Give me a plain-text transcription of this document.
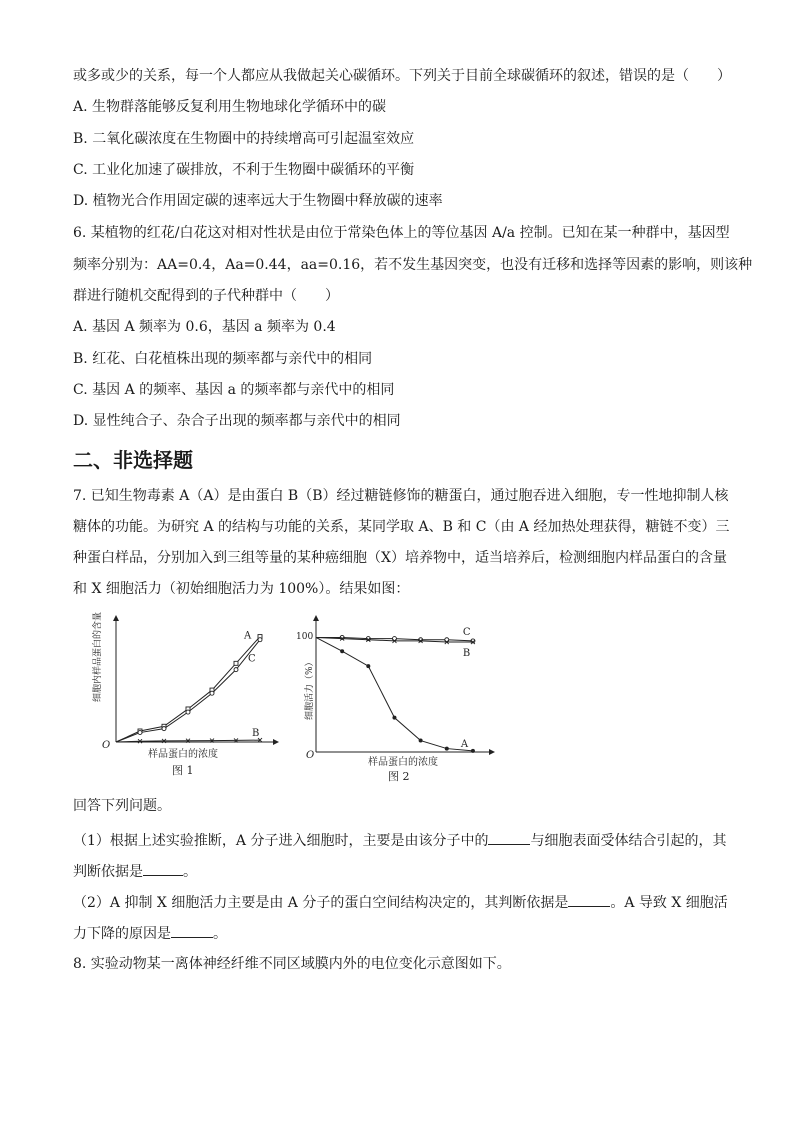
或多或少的关系，每一个人都应从我做起关心碳循环。下列关于目前全球碳循环的叙述，错误的是（　　）
A. 生物群落能够反复利用生物地球化学循环中的碳
B. 二氧化碳浓度在生物圈中的持续增高可引起温室效应
C. 工业化加速了碳排放，不利于生物圈中碳循环的平衡
D. 植物光合作用固定碳的速率远大于生物圈中释放碳的速率
6. 某植物的红花/白花这对相对性状是由位于常染色体上的等位基因 A/a 控制。已知在某一种群中，基因型
频率分别为：AA=0.4，Aa=0.44，aa=0.16，若不发生基因突变，也没有迁移和选择等因素的影响，则该种
群进行随机交配得到的子代种群中（　　）
A. 基因 A 频率为 0.6，基因 a 频率为 0.4
B. 红花、白花植株出现的频率都与亲代中的相同
C. 基因 A 的频率、基因 a 的频率都与亲代中的相同
D. 显性纯合子、杂合子出现的频率都与亲代中的相同
二、非选择题
7. 已知生物毒素 A（A）是由蛋白 B（B）经过糖链修饰的糖蛋白，通过胞吞进入细胞，专一性地抑制人核
糖体的功能。为研究 A 的结构与功能的关系，某同学取 A、B 和 C（由 A 经加热处理获得，糖链不变）三
种蛋白样品，分别加入到三组等量的某种癌细胞（X）培养物中，适当培养后，检测细胞内样品蛋白的含量
和 X 细胞活力（初始细胞活力为 100%）。结果如图：
O
细胞内样品蛋白的含量
样品蛋白的浓度
图 1
A
C
B
O
100
细胞活力（%）
样品蛋白的浓度
图 2
C
B
A
回答下列问题。
（1）根据上述实验推断，A 分子进入细胞时，主要是由该分子中的	与细胞表面受体结合引起的，其
判断依据是	。
（2）A 抑制 X 细胞活力主要是由 A 分子的蛋白空间结构决定的，其判断依据是	。A 导致 X 细胞活
力下降的原因是	。
8. 实验动物某一离体神经纤维不同区域膜内外的电位变化示意图如下。
